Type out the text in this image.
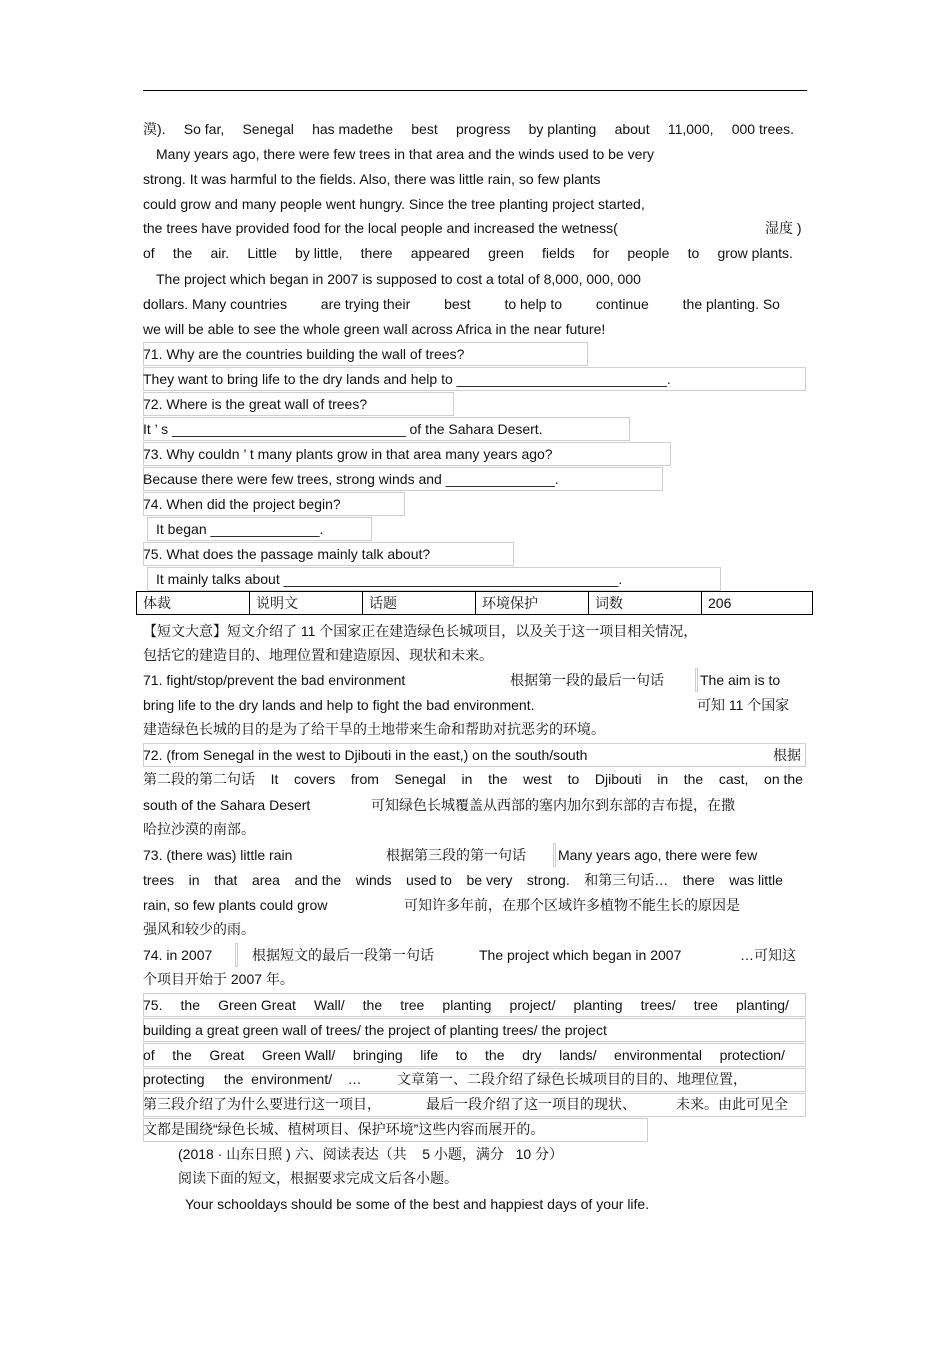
漠). So far, Senegal has madethe best progress by planting about 11,000, 000 trees.
Many years ago, there were few trees in that area and the winds used to be very
strong. It was harmful to the fields. Also, there was little rain, so few plants
could grow and many people went hungry. Since the tree planting project started,
the trees have provided food for the local people and increased the wetness(	湿度 )
of the air. Little by little, there appeared green fields for people to grow plants.
The project which began in 2007 is supposed to cost a total of 8,000, 000, 000
dollars. Many countries are trying their best to help to continue the planting. So
we will be able to see the whole green wall across Africa in the near future!
71. Why are the countries building the wall of trees?
They want to bring life to the dry lands and help to ___________________________.
72. Where is the great wall of trees?
It ’ s ______________________________ of the Sahara Desert.
73. Why couldn ’ t many plants grow in that area many years ago?
Because there were few trees, strong winds and ______________.
74. When did the project begin?
It began ______________.
75. What does the passage mainly talk about?
It mainly talks about ___________________________________________.
体裁	说明文	话题	环境保护	词数	206
【短文大意】短文介绍了 11 个国家正在建造绿色长城项目，以及关于这一项目相关情况，
包括它的建造目的、地理位置和建造原因、现状和未来。
71. fight/stop/prevent the bad environment	根据第一段的最后一句话	The aim is to
bring life to the dry lands and help to fight the bad environment.	可知 11 个国家
建造绿色长城的目的是为了给干旱的土地带来生命和帮助对抗恶劣的环境。
72. (from Senegal in the west to Djibouti in the east,) on the south/south	根据
第二段的第二句话 It covers from Senegal in the west to Djibouti in the cast, on the
south of the Sahara Desert	可知绿色长城覆盖从西部的塞内加尔到东部的吉布提，在撒
哈拉沙漠的南部。
73. (there was) little rain	根据第三段的第一句话 Many years ago, there were few
trees in that area and the winds used to be very strong. 和第三句话… there was little
rain, so few plants could grow	可知许多年前，在那个区域许多植物不能生长的原因是
强风和较少的雨。
74. in 2007	根据短文的最后一段第一句话	The project which began in 2007	…可知这
个项目开始于 2007 年。
75. the Green Great Wall/ the tree planting project/ planting trees/ tree planting/
building a great green wall of trees/ the project of planting trees/ the project
of the Great Green Wall/ bringing life to the dry lands/ environmental protection/
protecting     the  environment/    …	文章第一、二段介绍了绿色长城项目的目的、地理位置，
第三段介绍了为什么要进行这一项目，	最后一段介绍了这一项目的现状、	未来。由此可见全
文都是围绕“绿色长城、植树项目、保护环境”这些内容而展开的。
(2018 · 山东日照 ) 六、阅读表达（共    5 小题，满分   10 分）
阅读下面的短文，根据要求完成文后各小题。
Your schooldays should be some of the best and happiest days of your life.
